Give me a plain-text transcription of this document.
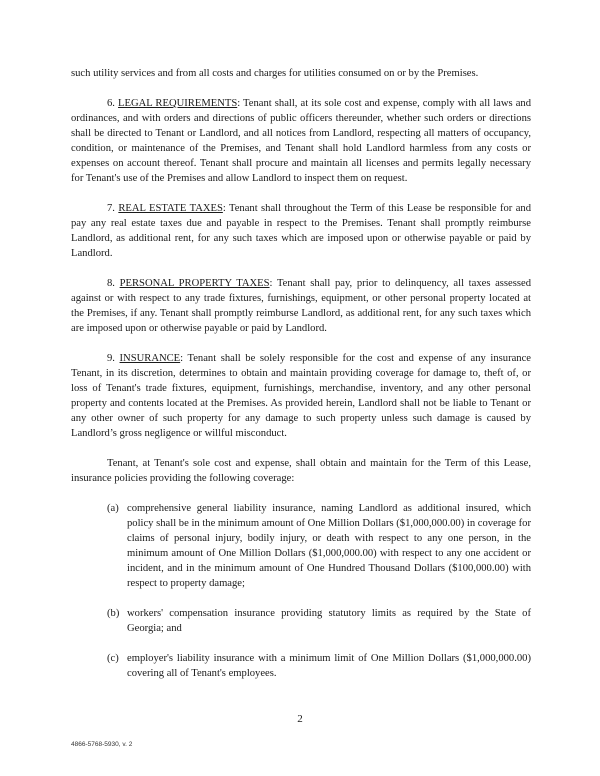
such utility services and from all costs and charges for utilities consumed on or by the Premises.

6. LEGAL REQUIREMENTS: Tenant shall, at its sole cost and expense, comply with all laws and ordinances, and with orders and directions of public officers thereunder, whether such orders or directions shall be directed to Tenant or Landlord, and all notices from Landlord, respecting all matters of occupancy, condition, or maintenance of the Premises, and Tenant shall hold Landlord harmless from any costs or expenses on account thereof. Tenant shall procure and maintain all licenses and permits legally necessary for Tenant's use of the Premises and allow Landlord to inspect them on request.

7. REAL ESTATE TAXES: Tenant shall throughout the Term of this Lease be responsible for and pay any real estate taxes due and payable in respect to the Premises. Tenant shall promptly reimburse Landlord, as additional rent, for any such taxes which are imposed upon or otherwise payable or paid by Landlord.

8. PERSONAL PROPERTY TAXES: Tenant shall pay, prior to delinquency, all taxes assessed against or with respect to any trade fixtures, furnishings, equipment, or other personal property located at the Premises, if any. Tenant shall promptly reimburse Landlord, as additional rent, for any such taxes which are imposed upon or otherwise payable or paid by Landlord.

9. INSURANCE: Tenant shall be solely responsible for the cost and expense of any insurance Tenant, in its discretion, determines to obtain and maintain providing coverage for damage to, theft of, or loss of Tenant's trade fixtures, equipment, furnishings, merchandise, inventory, and any other personal property and contents located at the Premises. As provided herein, Landlord shall not be liable to Tenant or any other owner of such property for any damage to such property unless such damage is caused by Landlord’s gross negligence or willful misconduct.

Tenant, at Tenant's sole cost and expense, shall obtain and maintain for the Term of this Lease, insurance policies providing the following coverage:

(a) comprehensive general liability insurance, naming Landlord as additional insured, which policy shall be in the minimum amount of One Million Dollars ($1,000,000.00) in coverage for claims of personal injury, bodily injury, or death with respect to any one person, in the minimum amount of One Million Dollars ($1,000,000.00) with respect to any one accident or incident, and in the minimum amount of One Hundred Thousand Dollars ($100,000.00) with respect to property damage;
(b) workers' compensation insurance providing statutory limits as required by the State of Georgia; and
(c) employer's liability insurance with a minimum limit of One Million Dollars ($1,000,000.00) covering all of Tenant's employees.
2
4866-5768-5930, v. 2
